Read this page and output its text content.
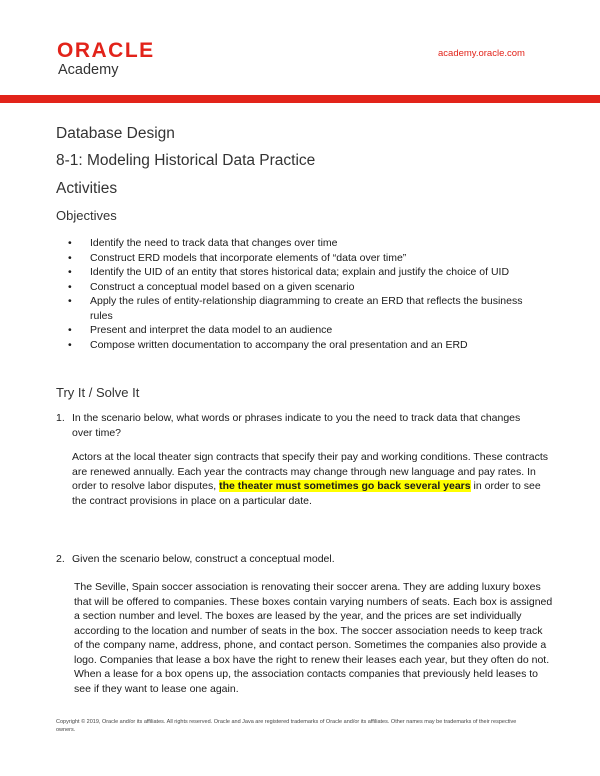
ORACLE
Academy
academy.oracle.com
Database Design
8-1: Modeling Historical Data Practice
Activities
Objectives
• Identify the need to track data that changes over time
• Construct ERD models that incorporate elements of “data over time”
• Identify the UID of an entity that stores historical data; explain and justify the choice of UID
• Construct a conceptual model based on a given scenario
• Apply the rules of entity-relationship diagramming to create an ERD that reflects the business rules
• Present and interpret the data model to an audience
• Compose written documentation to accompany the oral presentation and an ERD
Try It / Solve It
1. In the scenario below, what words or phrases indicate to you the need to track data that changes over time?
Actors at the local theater sign contracts that specify their pay and working conditions. These contracts are renewed annually. Each year the contracts may change through new language and pay rates. In order to resolve labor disputes, the theater must sometimes go back several years in order to see the contract provisions in place on a particular date.
2. Given the scenario below, construct a conceptual model.
The Seville, Spain soccer association is renovating their soccer arena. They are adding luxury boxes that will be offered to companies. These boxes contain varying numbers of seats. Each box is assigned a section number and level. The boxes are leased by the year, and the prices are set individually according to the location and number of seats in the box. The soccer association needs to keep track of the company name, address, phone, and contact person. Sometimes the companies also provide a logo. Companies that lease a box have the right to renew their leases each year, but they often do not. When a lease for a box opens up, the association contacts companies that previously held leases to see if they want to lease one again.
Copyright © 2019, Oracle and/or its affiliates. All rights reserved. Oracle and Java are registered trademarks of Oracle and/or its affiliates. Other names may be trademarks of their respective owners.
